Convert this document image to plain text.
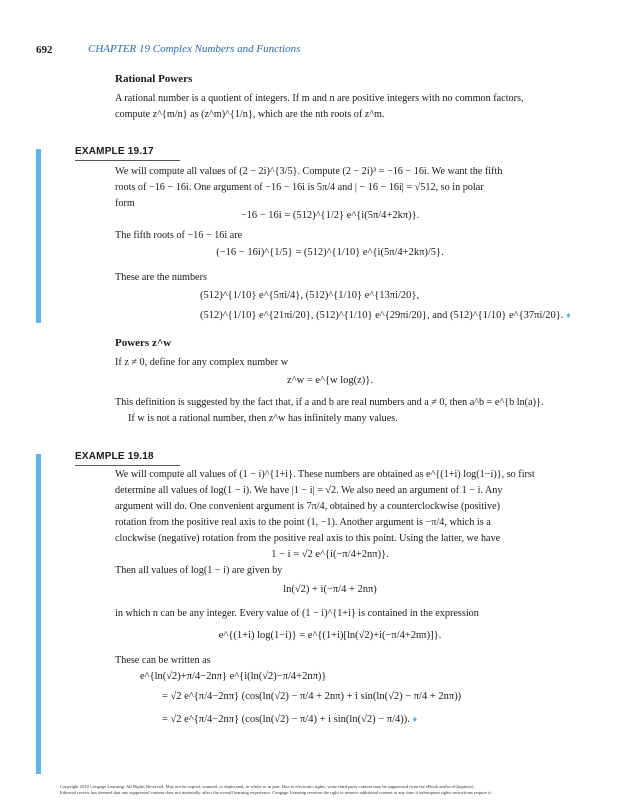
692	CHAPTER 19 Complex Numbers and Functions
Rational Powers
A rational number is a quotient of integers. If m and n are positive integers with no common factors, compute z^{m/n} as (z^m)^{1/n}, which are the nth roots of z^m.
EXAMPLE 19.17
We will compute all values of (2 − 2i)^{3/5}. Compute (2 − 2i)³ = −16 − 16i. We want the fifth
roots of −16 − 16i. One argument of −16 − 16i is 5π/4 and | − 16 − 16i| = √512, so in polar
form
−16 − 16i = (512)^{1/2} e^{i(5π/4+2kπ)}.
The fifth roots of −16 − 16i are
(−16 − 16i)^{1/5} = (512)^{1/10} e^{i(5π/4+2kπ)/5}.
These are the numbers
(512)^{1/10} e^{5πi/4}, (512)^{1/10} e^{13πi/20},
(512)^{1/10} e^{21πi/20}, (512)^{1/10} e^{29πi/20}, and (512)^{1/10} e^{37πi/20}. ♦
Powers z^w
If z ≠ 0, define for any complex number w
z^w = e^{w log(z)}.
This definition is suggested by the fact that, if a and b are real numbers and a ≠ 0, then a^b = e^{b ln(a)}.
If w is not a rational number, then z^w has infinitely many values.
EXAMPLE 19.18
We will compute all values of (1 − i)^{1+i}. These numbers are obtained as e^{(1+i) log(1−i)}, so first
determine all values of log(1 − i). We have |1 − i| = √2. We also need an argument of 1 − i. Any
argument will do. One convenient argument is 7π/4, obtained by a counterclockwise (positive)
rotation from the positive real axis to the point (1, −1). Another argument is −π/4, which is a
clockwise (negative) rotation from the positive real axis to this point. Using the latter, we have
1 − i = √2 e^{i(−π/4+2nπ)}.
Then all values of log(1 − i) are given by
ln(√2) + i(−π/4 + 2nπ)
in which n can be any integer. Every value of (1 − i)^{1+i} is contained in the expression
e^{(1+i) log(1−i)} = e^{(1+i)[ln(√2)+i(−π/4+2nπ)]}.
These can be written as
e^{ln(√2)+π/4−2nπ} e^{i(ln(√2)−π/4+2nπ)}
= √2 e^{π/4−2nπ} (cos(ln(√2) − π/4 + 2nπ) + i sin(ln(√2) − π/4 + 2nπ))
= √2 e^{π/4−2nπ} (cos(ln(√2) − π/4) + i sin(ln(√2) − π/4)). ♦
Copyright 2010 Cengage Learning. All Rights Reserved. May not be copied, scanned, or duplicated, in whole or in part. Due to electronic rights, some third party content may be suppressed from the eBook and/or eChapter(s).
Editorial review has deemed that any suppressed content does not materially affect the overall learning experience. Cengage Learning reserves the right to remove additional content at any time if subsequent rights restrictions require it.
